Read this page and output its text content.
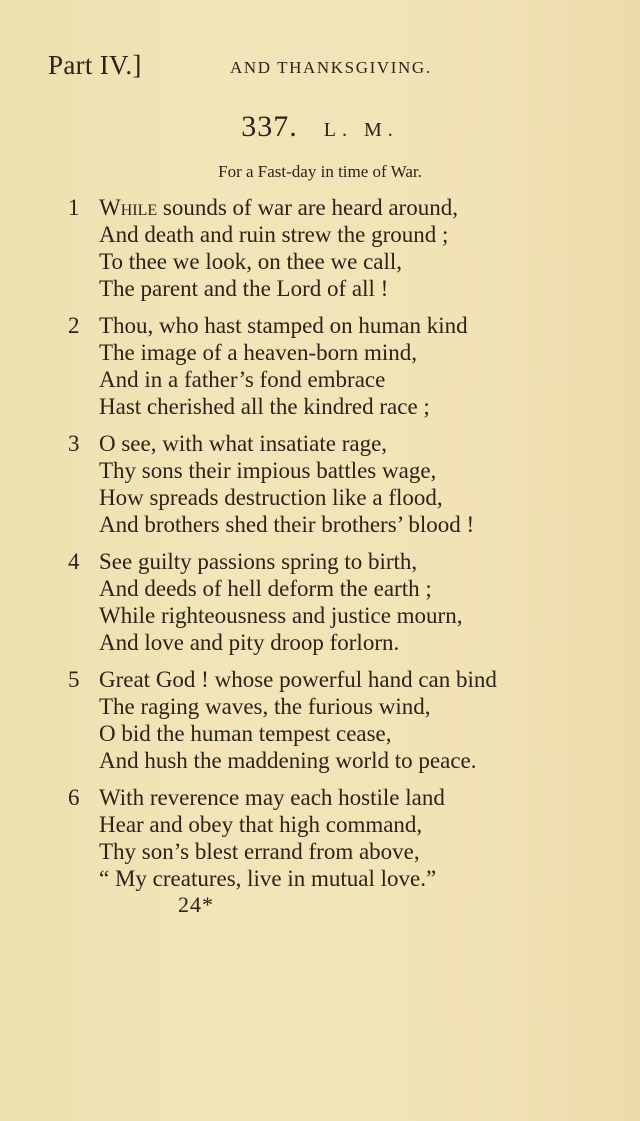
Part IV.]	AND THANKSGIVING.
337. L. M.
For a Fast-day in time of War.
1 While sounds of war are heard around,
And death and ruin strew the ground ;
To thee we look, on thee we call,
The parent and the Lord of all !
2 Thou, who hast stamped on human kind
The image of a heaven-born mind,
And in a father’s fond embrace
Hast cherished all the kindred race ;
3 O see, with what insatiate rage,
Thy sons their impious battles wage,
How spreads destruction like a flood,
And brothers shed their brothers’ blood !
4 See guilty passions spring to birth,
And deeds of hell deform the earth ;
While righteousness and justice mourn,
And love and pity droop forlorn.
5 Great God ! whose powerful hand can bind
The raging waves, the furious wind,
O bid the human tempest cease,
And hush the maddening world to peace.
6 With reverence may each hostile land
Hear and obey that high command,
Thy son’s blest errand from above,
“ My creatures, live in mutual love.”
24*
